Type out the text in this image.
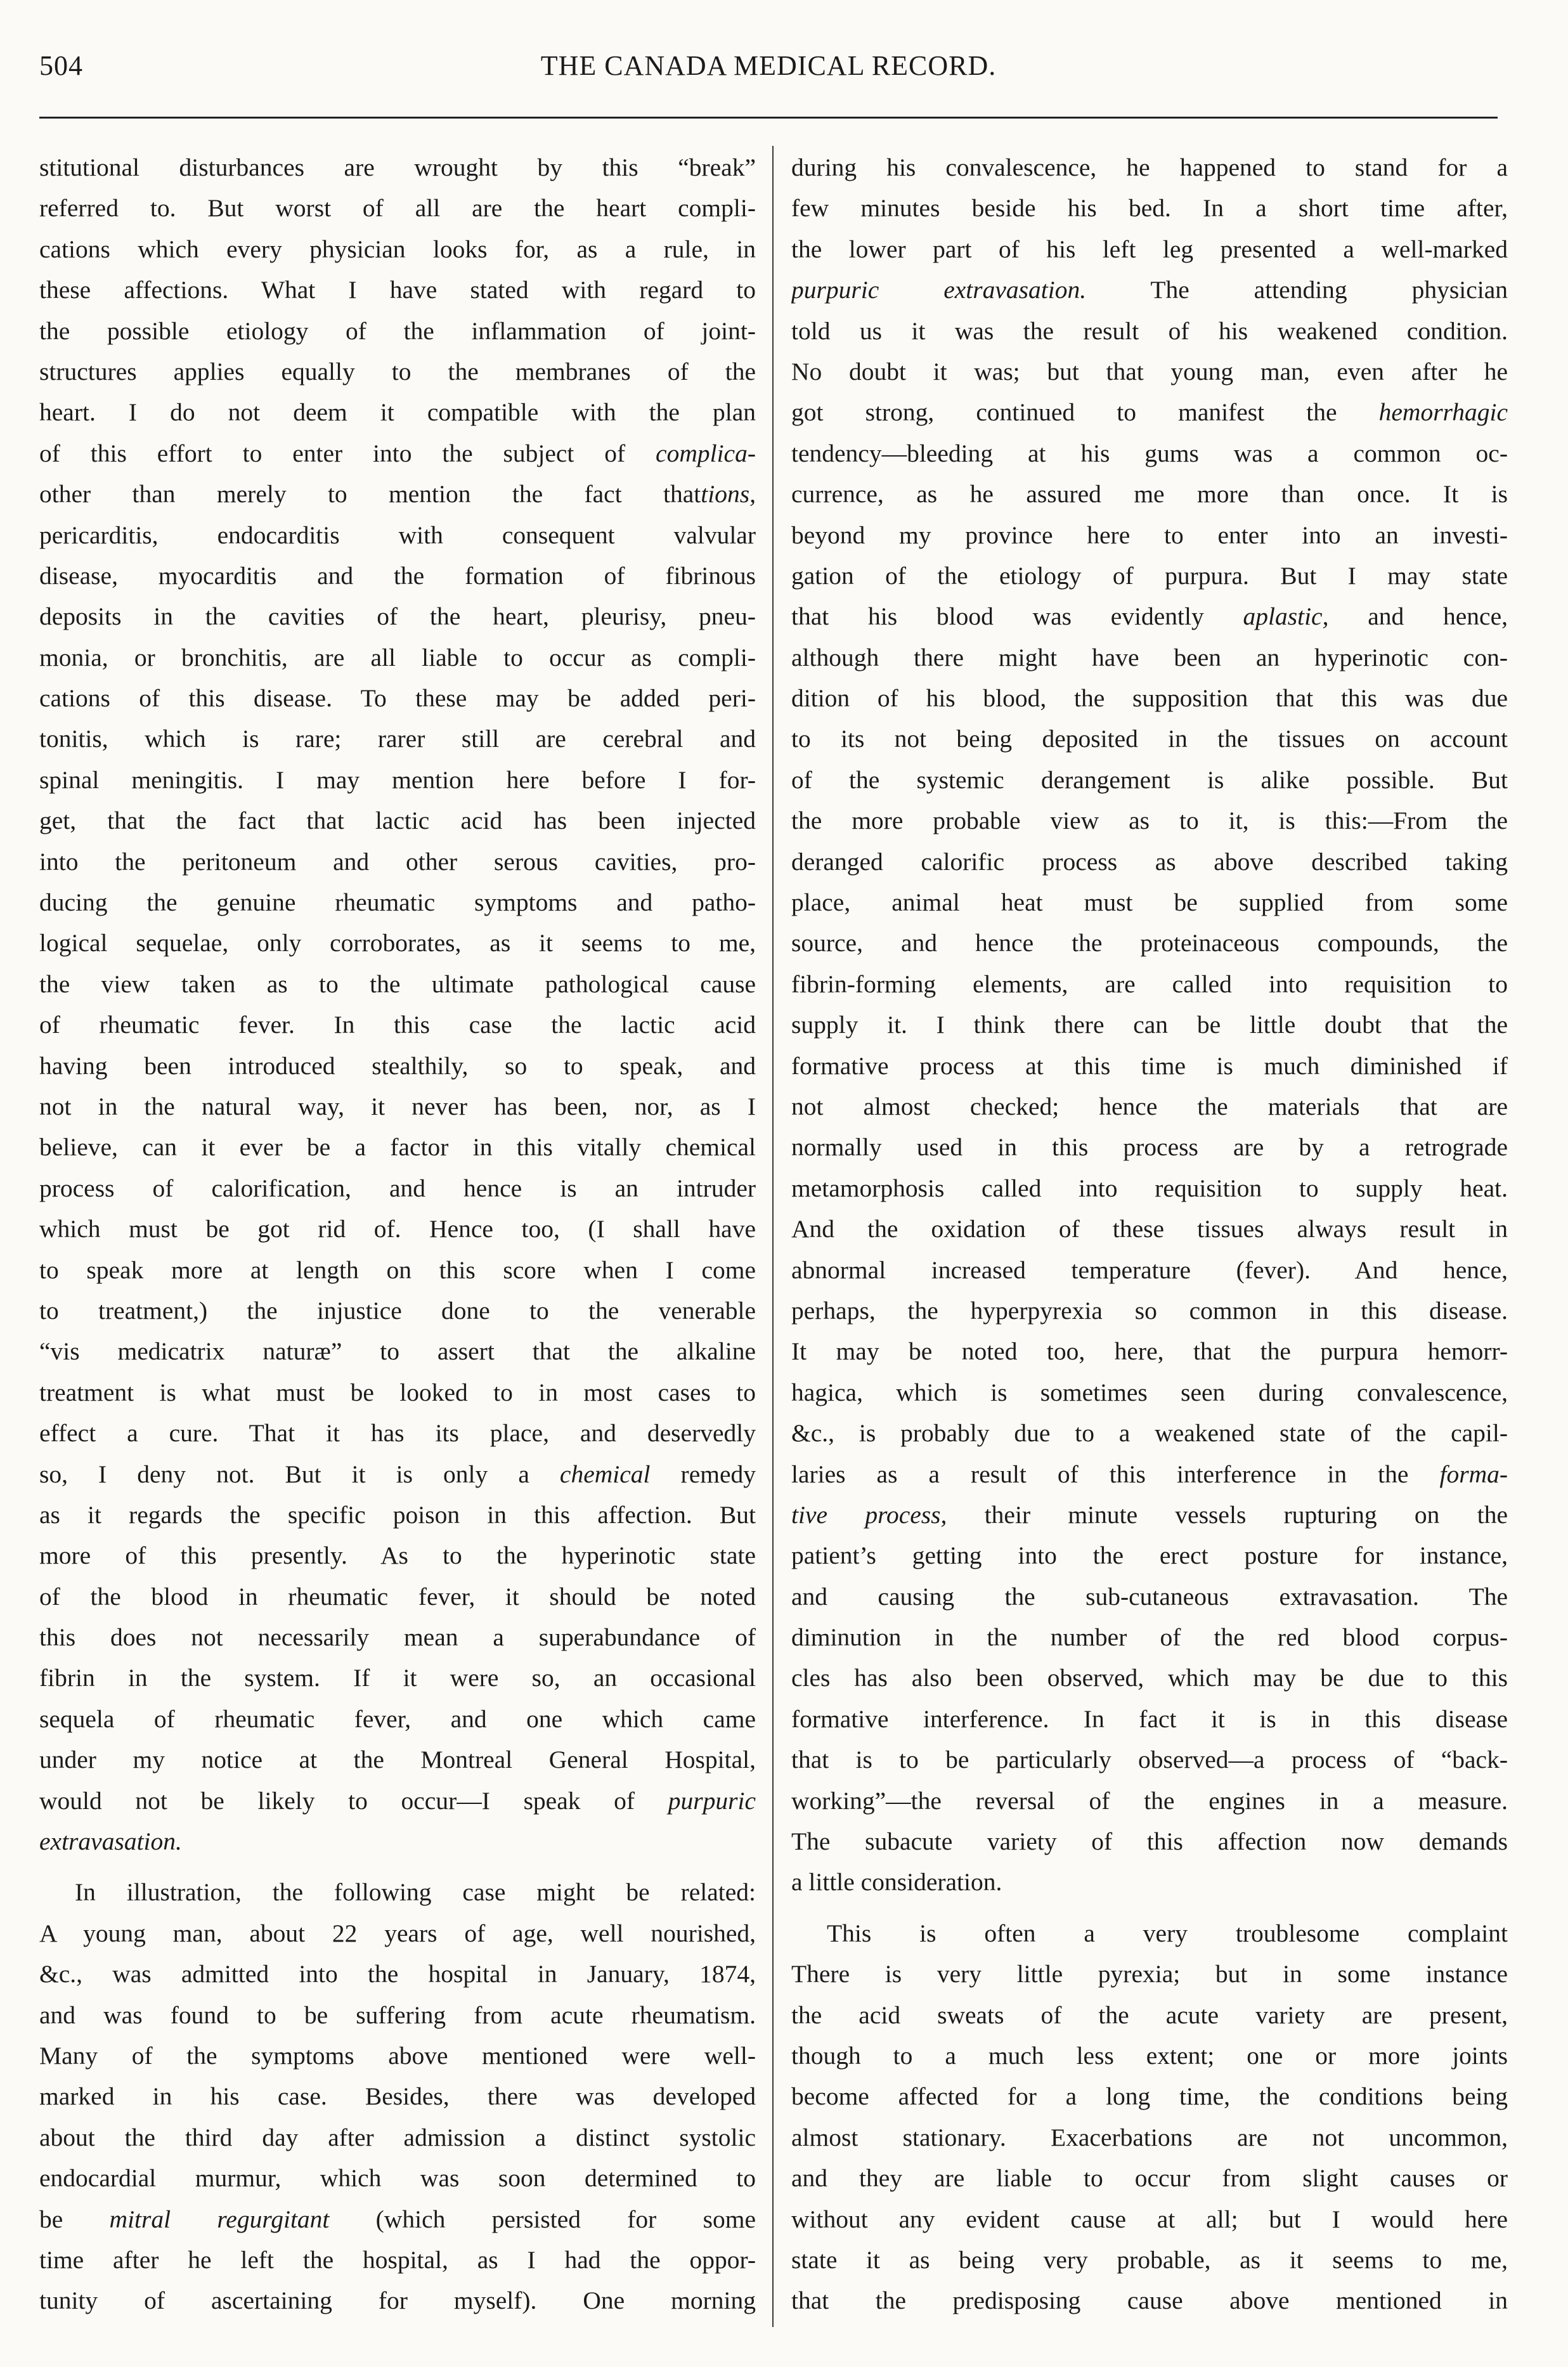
504	THE CANADA MEDICAL RECORD.
stitutional disturbances are wrought by this “break”
referred to. But worst of all are the heart compli-
cations which every physician looks for, as a rule, in
these affections. What I have stated with regard to
the possible etiology of the inflammation of joint-
structures applies equally to the membranes of the
heart. I do not deem it compatible with the plan
of this effort to enter into the subject of complica-
other than merely to mention the fact thattions,
pericarditis, endocarditis with consequent valvular
disease, myocarditis and the formation of fibrinous
deposits in the cavities of the heart, pleurisy, pneu-
monia, or bronchitis, are all liable to occur as compli-
cations of this disease. To these may be added peri-
tonitis, which is rare; rarer still are cerebral and
spinal meningitis. I may mention here before I for-
get, that the fact that lactic acid has been injected
into the peritoneum and other serous cavities, pro-
ducing the genuine rheumatic symptoms and patho-
logical sequelae, only corroborates, as it seems to me,
the view taken as to the ultimate pathological cause
of rheumatic fever. In this case the lactic acid
having been introduced stealthily, so to speak, and
not in the natural way, it never has been, nor, as I
believe, can it ever be a factor in this vitally chemical
process of calorification, and hence is an intruder
which must be got rid of. Hence too, (I shall have
to speak more at length on this score when I come
to treatment,) the injustice done to the venerable
“vis medicatrix naturæ” to assert that the alkaline
treatment is what must be looked to in most cases to
effect a cure. That it has its place, and deservedly
so, I deny not. But it is only a chemical remedy
as it regards the specific poison in this affection. But
more of this presently. As to the hyperinotic state
of the blood in rheumatic fever, it should be noted
this does not necessarily mean a superabundance of
fibrin in the system. If it were so, an occasional
sequela of rheumatic fever, and one which came
under my notice at the Montreal General Hospital,
would not be likely to occur—I speak of purpuric
extravasation.
In illustration, the following case might be related:
A young man, about 22 years of age, well nourished,
&c., was admitted into the hospital in January, 1874,
and was found to be suffering from acute rheumatism.
Many of the symptoms above mentioned were well-
marked in his case. Besides, there was developed
about the third day after admission a distinct systolic
endocardial murmur, which was soon determined to
be mitral regurgitant (which persisted for some
time after he left the hospital, as I had the oppor-
tunity of ascertaining for myself). One morning
during his convalescence, he happened to stand for a
few minutes beside his bed. In a short time after,
the lower part of his left leg presented a well-marked
purpuric extravasation. The attending physician
told us it was the result of his weakened condition.
No doubt it was; but that young man, even after he
got strong, continued to manifest the hemorrhagic
tendency—bleeding at his gums was a common oc-
currence, as he assured me more than once. It is
beyond my province here to enter into an investi-
gation of the etiology of purpura. But I may state
that his blood was evidently aplastic, and hence,
although there might have been an hyperinotic con-
dition of his blood, the supposition that this was due
to its not being deposited in the tissues on account
of the systemic derangement is alike possible. But
the more probable view as to it, is this:—From the
deranged calorific process as above described taking
place, animal heat must be supplied from some
source, and hence the proteinaceous compounds, the
fibrin-forming elements, are called into requisition to
supply it. I think there can be little doubt that the
formative process at this time is much diminished if
not almost checked; hence the materials that are
normally used in this process are by a retrograde
metamorphosis called into requisition to supply heat.
And the oxidation of these tissues always result in
abnormal increased temperature (fever). And hence,
perhaps, the hyperpyrexia so common in this disease.
It may be noted too, here, that the purpura hemorr-
hagica, which is sometimes seen during convalescence,
&c., is probably due to a weakened state of the capil-
laries as a result of this interference in the forma-
tive process, their minute vessels rupturing on the
patient’s getting into the erect posture for instance,
and causing the sub-cutaneous extravasation. The
diminution in the number of the red blood corpus-
cles has also been observed, which may be due to this
formative interference. In fact it is in this disease
that is to be particularly observed—a process of “back-
working”—the reversal of the engines in a measure.
The subacute variety of this affection now demands
a little consideration.
This is often a very troublesome complaint
There is very little pyrexia; but in some instance
the acid sweats of the acute variety are present,
though to a much less extent; one or more joints
become affected for a long time, the conditions being
almost stationary. Exacerbations are not uncommon,
and they are liable to occur from slight causes or
without any evident cause at all; but I would here
state it as being very probable, as it seems to me,
that the predisposing cause above mentioned in
